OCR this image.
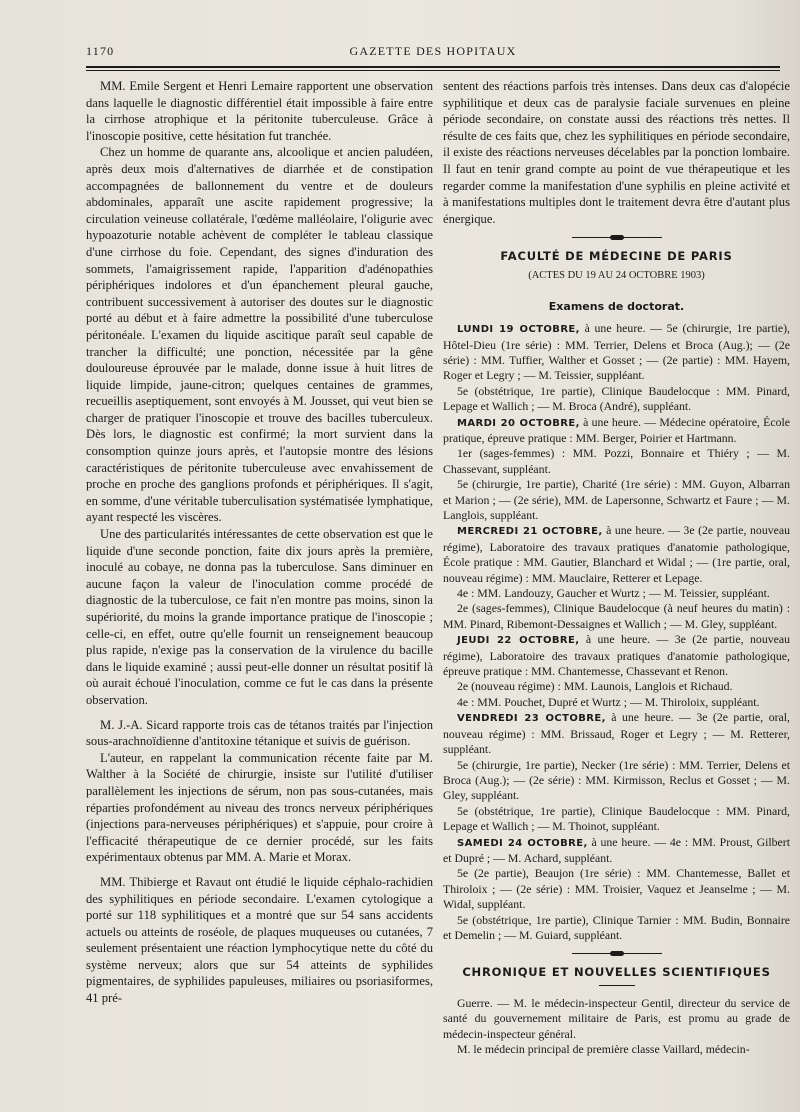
1170	GAZETTE DES HOPITAUX

MM. Emile Sergent et Henri Lemaire rapportent une observation dans laquelle le diagnostic différentiel était impossible à faire entre la cirrhose atrophique et la péritonite tuberculeuse. Grâce à l'inoscopie positive, cette hésitation fut tranchée.

Chez un homme de quarante ans, alcoolique et ancien paludéen, après deux mois d'alternatives de diarrhée et de constipation accompagnées de ballonnement du ventre et de douleurs abdominales, apparaît une ascite rapidement progressive; la circulation veineuse collatérale, l'œdème malléolaire, l'oligurie avec hypoazoturie notable achèvent de compléter le tableau classique d'une cirrhose du foie. Cependant, des signes d'induration des sommets, l'amaigrissement rapide, l'apparition d'adénopathies périphériques indolores et d'un épanchement pleural gauche, contribuent successivement à autoriser des doutes sur le diagnostic porté au début et à faire admettre la possibilité d'une tuberculose péritonéale. L'examen du liquide ascitique paraît seul capable de trancher la difficulté; une ponction, nécessitée par la gêne douloureuse éprouvée par le malade, donne issue à huit litres de liquide limpide, jaune-citron; quelques centaines de grammes, recueillis aseptiquement, sont envoyés à M. Jousset, qui veut bien se charger de pratiquer l'inoscopie et trouve des bacilles tuberculeux. Dès lors, le diagnostic est confirmé; la mort survient dans la consomption quinze jours après, et l'autopsie montre des lésions caractéristiques de péritonite tuberculeuse avec envahissement de proche en proche des ganglions profonds et périphériques. Il s'agit, en somme, d'une véritable tuberculisation systématisée lymphatique, ayant respecté les viscères.

Une des particularités intéressantes de cette observation est que le liquide d'une seconde ponction, faite dix jours après la première, inoculé au cobaye, ne donna pas la tuberculose. Sans diminuer en aucune façon la valeur de l'inoculation comme procédé de diagnostic de la tuberculose, ce fait n'en montre pas moins, sinon la supériorité, du moins la grande importance pratique de l'inoscopie ; celle-ci, en effet, outre qu'elle fournit un renseignement beaucoup plus rapide, n'exige pas la conservation de la virulence du bacille dans le liquide examiné ; aussi peut-elle donner un résultat positif là où aurait échoué l'inoculation, comme ce fut le cas dans la présente observation.

M. J.-A. Sicard rapporte trois cas de tétanos traités par l'injection sous-arachnoïdienne d'antitoxine tétanique et suivis de guérison.

L'auteur, en rappelant la communication récente faite par M. Walther à la Société de chirurgie, insiste sur l'utilité d'utiliser parallèlement les injections de sérum, non pas sous-cutanées, mais réparties profondément au niveau des troncs nerveux périphériques (injections para-nerveuses périphériques) et s'appuie, pour croire à l'efficacité thérapeutique de ce dernier procédé, sur les faits expérimentaux obtenus par MM. A. Marie et Morax.

MM. Thibierge et Ravaut ont étudié le liquide céphalo-rachidien des syphilitiques en période secondaire. L'examen cytologique a porté sur 118 syphilitiques et a montré que sur 54 sans accidents actuels ou atteints de roséole, de plaques muqueuses ou cutanées, 7 seulement présentaient une réaction lymphocytique nette du côté du système nerveux; alors que sur 54 atteints de syphilides pigmentaires, de syphilides papuleuses, miliaires ou psoriasiformes, 41 pré-

sentent des réactions parfois très intenses. Dans deux cas d'alopécie syphilitique et deux cas de paralysie faciale survenues en pleine période secondaire, on constate aussi des réactions très nettes. Il résulte de ces faits que, chez les syphilitiques en période secondaire, il existe des réactions nerveuses décelables par la ponction lombaire. Il faut en tenir grand compte au point de vue thérapeutique et les regarder comme la manifestation d'une syphilis en pleine activité et à manifestations multiples dont le traitement devra être d'autant plus énergique.

FACULTÉ DE MÉDECINE DE PARIS
(ACTES DU 19 AU 24 OCTOBRE 1903)
Examens de doctorat.

LUNDI 19 OCTOBRE, à une heure. — 5e (chirurgie, 1re partie), Hôtel-Dieu (1re série) : MM. Terrier, Delens et Broca (Aug.); — (2e série) : MM. Tuffier, Walther et Gosset ; — (2e partie) : MM. Hayem, Roger et Legry ; — M. Teissier, suppléant.

5e (obstétrique, 1re partie), Clinique Baudelocque : MM. Pinard, Lepage et Wallich ; — M. Broca (André), suppléant.

MARDI 20 OCTOBRE, à une heure. — Médecine opératoire, École pratique, épreuve pratique : MM. Berger, Poirier et Hartmann.

1er (sages-femmes) : MM. Pozzi, Bonnaire et Thiéry ; — M. Chassevant, suppléant.

5e (chirurgie, 1re partie), Charité (1re série) : MM. Guyon, Albarran et Marion ; — (2e série), MM. de Lapersonne, Schwartz et Faure ; — M. Langlois, suppléant.

MERCREDI 21 OCTOBRE, à une heure. — 3e (2e partie, nouveau régime), Laboratoire des travaux pratiques d'anatomie pathologique, École pratique : MM. Gautier, Blanchard et Widal ; — (1re partie, oral, nouveau régime) : MM. Mauclaire, Retterer et Lepage.

4e : MM. Landouzy, Gaucher et Wurtz ; — M. Teissier, suppléant.

2e (sages-femmes), Clinique Baudelocque (à neuf heures du matin) : MM. Pinard, Ribemont-Dessaignes et Wallich ; — M. Gley, suppléant.

JEUDI 22 OCTOBRE, à une heure. — 3e (2e partie, nouveau régime), Laboratoire des travaux pratiques d'anatomie pathologique, épreuve pratique : MM. Chantemesse, Chassevant et Renon.

2e (nouveau régime) : MM. Launois, Langlois et Richaud.

4e : MM. Pouchet, Dupré et Wurtz ; — M. Thiroloix, suppléant.

VENDREDI 23 OCTOBRE, à une heure. — 3e (2e partie, oral, nouveau régime) : MM. Brissaud, Roger et Legry ; — M. Retterer, suppléant.

5e (chirurgie, 1re partie), Necker (1re série) : MM. Terrier, Delens et Broca (Aug.); — (2e série) : MM. Kirmisson, Reclus et Gosset ; — M. Gley, suppléant.

5e (obstétrique, 1re partie), Clinique Baudelocque : MM. Pinard, Lepage et Wallich ; — M. Thoinot, suppléant.

SAMEDI 24 OCTOBRE, à une heure. — 4e : MM. Proust, Gilbert et Dupré ; — M. Achard, suppléant.

5e (2e partie), Beaujon (1re série) : MM. Chantemesse, Ballet et Thiroloix ; — (2e série) : MM. Troisier, Vaquez et Jeanselme ; — M. Widal, suppléant.

5e (obstétrique, 1re partie), Clinique Tarnier : MM. Budin, Bonnaire et Demelin ; — M. Guiard, suppléant.

CHRONIQUE ET NOUVELLES SCIENTIFIQUES

Guerre. — M. le médecin-inspecteur Gentil, directeur du service de santé du gouvernement militaire de Paris, est promu au grade de médecin-inspecteur général.

M. le médecin principal de première classe Vaillard, médecin-
